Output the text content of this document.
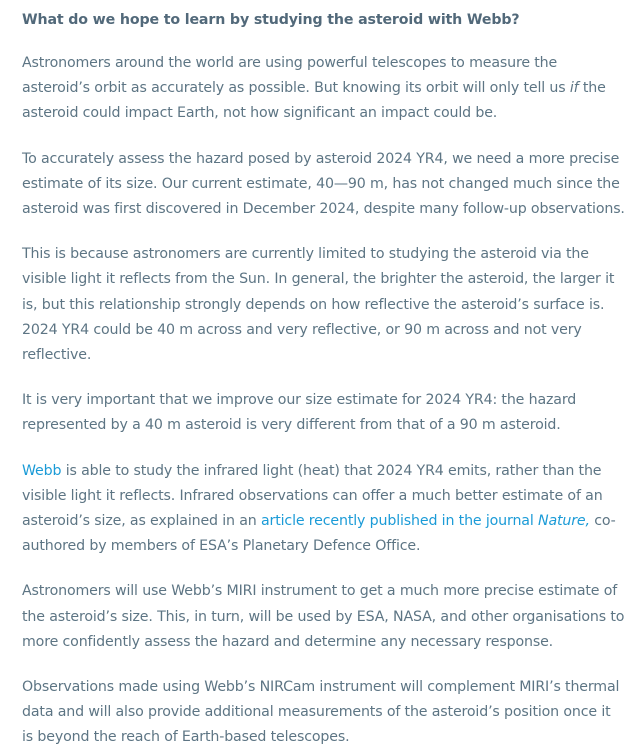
What do we hope to learn by studying the asteroid with Webb?

Astronomers around the world are using powerful telescopes to measure the asteroid’s orbit as accurately as possible. But knowing its orbit will only tell us if the asteroid could impact Earth, not how significant an impact could be.

To accurately assess the hazard posed by asteroid 2024 YR4, we need a more precise estimate of its size. Our current estimate, 40—90 m, has not changed much since the asteroid was first discovered in December 2024, despite many follow-up observations.

This is because astronomers are currently limited to studying the asteroid via the visible light it reflects from the Sun. In general, the brighter the asteroid, the larger it is, but this relationship strongly depends on how reflective the asteroid’s surface is. 2024 YR4 could be 40 m across and very reflective, or 90 m across and not very reflective.

It is very important that we improve our size estimate for 2024 YR4: the hazard represented by a 40 m asteroid is very different from that of a 90 m asteroid.

Webb is able to study the infrared light (heat) that 2024 YR4 emits, rather than the visible light it reflects. Infrared observations can offer a much better estimate of an asteroid’s size, as explained in an article recently published in the journal Nature, co-authored by members of ESA’s Planetary Defence Office.

Astronomers will use Webb’s MIRI instrument to get a much more precise estimate of the asteroid’s size. This, in turn, will be used by ESA, NASA, and other organisations to more confidently assess the hazard and determine any necessary response.

Observations made using Webb’s NIRCam instrument will complement MIRI’s thermal data and will also provide additional measurements of the asteroid’s position once it is beyond the reach of Earth-based telescopes.
